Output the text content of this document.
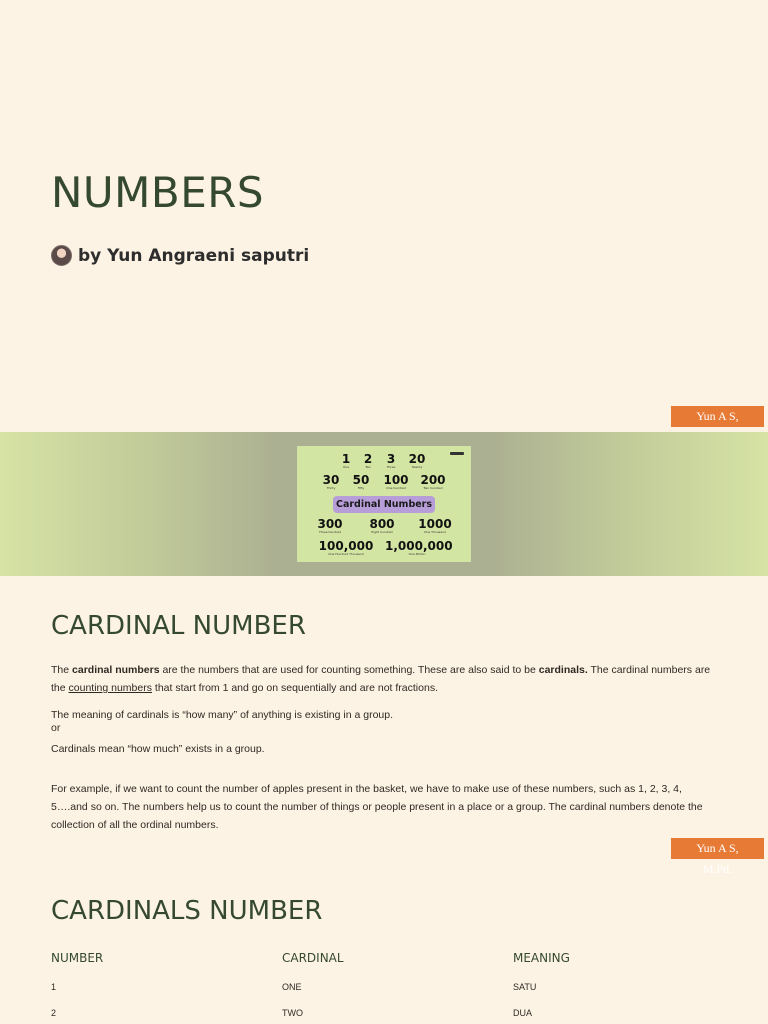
NUMBERS
by Yun Angraeni saputri
Yun A S,
1
One
2
Two
3
Three
20
Twenty
30
Thirty
50
Fifty
100
One hundred
200
Two hundred
Cardinal Numbers
300
Three hundred
800
Eight hundred
1000
One Thousand
100,000
One Hundred Thousand
1,000,000
One Million
CARDINAL NUMBER

The cardinal numbers are the numbers that are used for counting something. These are also said to be cardinals. The cardinal numbers are the counting numbers that start from 1 and go on sequentially and are not fractions.

The meaning of cardinals is “how many” of anything is existing in a group.
or

Cardinals mean “how much” exists in a group.

For example, if we want to count the number of apples present in the basket, we have to make use of these numbers, such as 1, 2, 3, 4, 5….and so on. The numbers help us to count the number of things or people present in a place or a group. The cardinal numbers denote the collection of all the ordinal numbers.

Yun A S, M.Pd.
CARDINALS NUMBER
NUMBER	CARDINAL	MEANING
1	ONE	SATU
2	TWO	DUA
